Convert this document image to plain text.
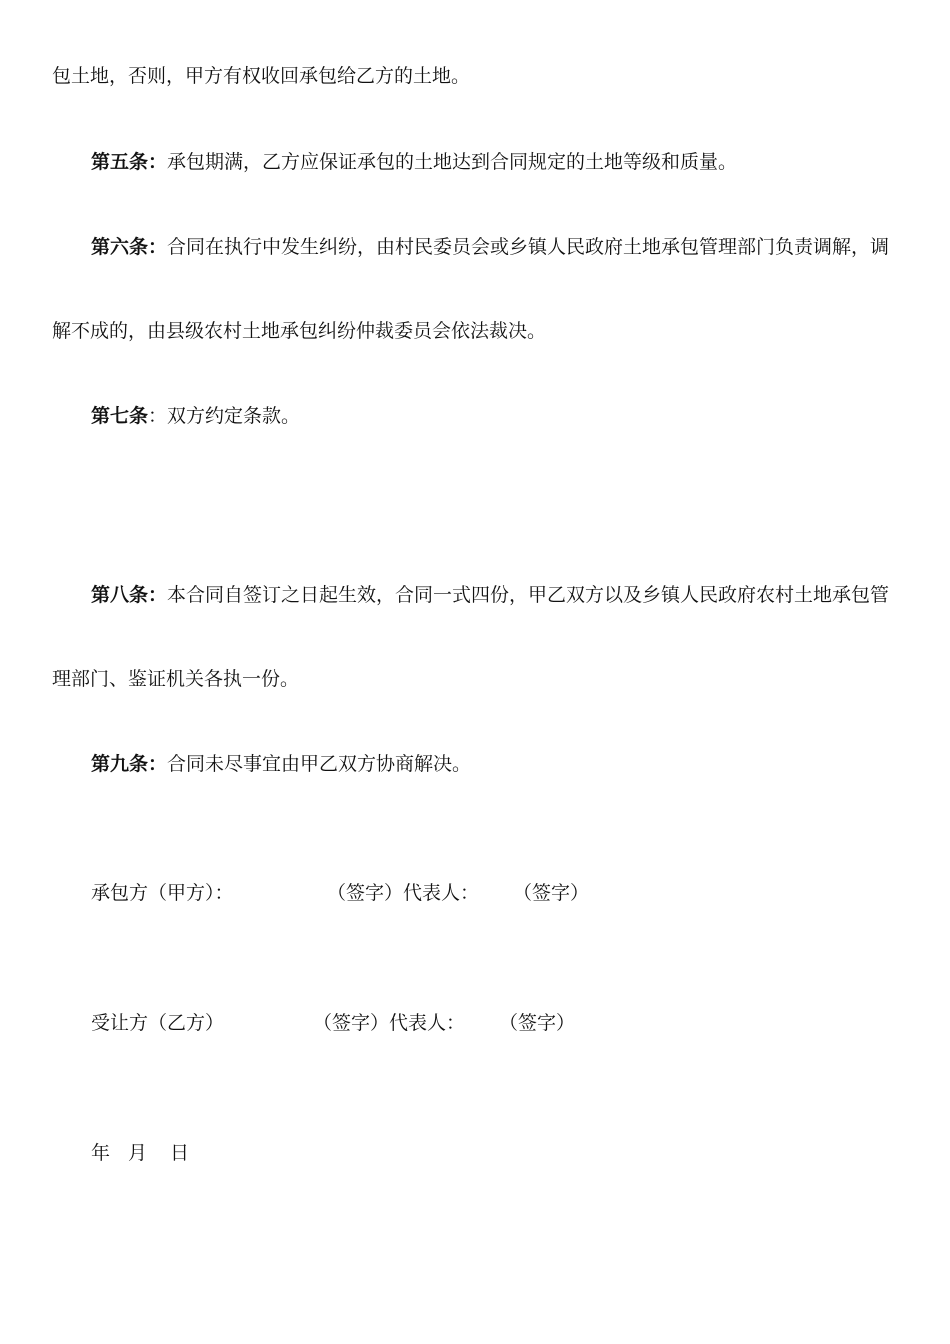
包土地，否则，甲方有权收回承包给乙方的土地。
第五条：承包期满，乙方应保证承包的土地达到合同规定的土地等级和质量。
第六条：合同在执行中发生纠纷，由村民委员会或乡镇人民政府土地承包管理部门负责调解，调
解不成的，由县级农村土地承包纠纷仲裁委员会依法裁决。
第七条：双方约定条款。
第八条：本合同自签订之日起生效，合同一式四份，甲乙双方以及乡镇人民政府农村土地承包管
理部门、鉴证机关各执一份。
第九条：合同未尽事宜由甲乙双方协商解决。
承包方（甲方）：	（签字）代表人： （签字）
受让方（乙方）	（签字）代表人： （签字）
年 月 日
